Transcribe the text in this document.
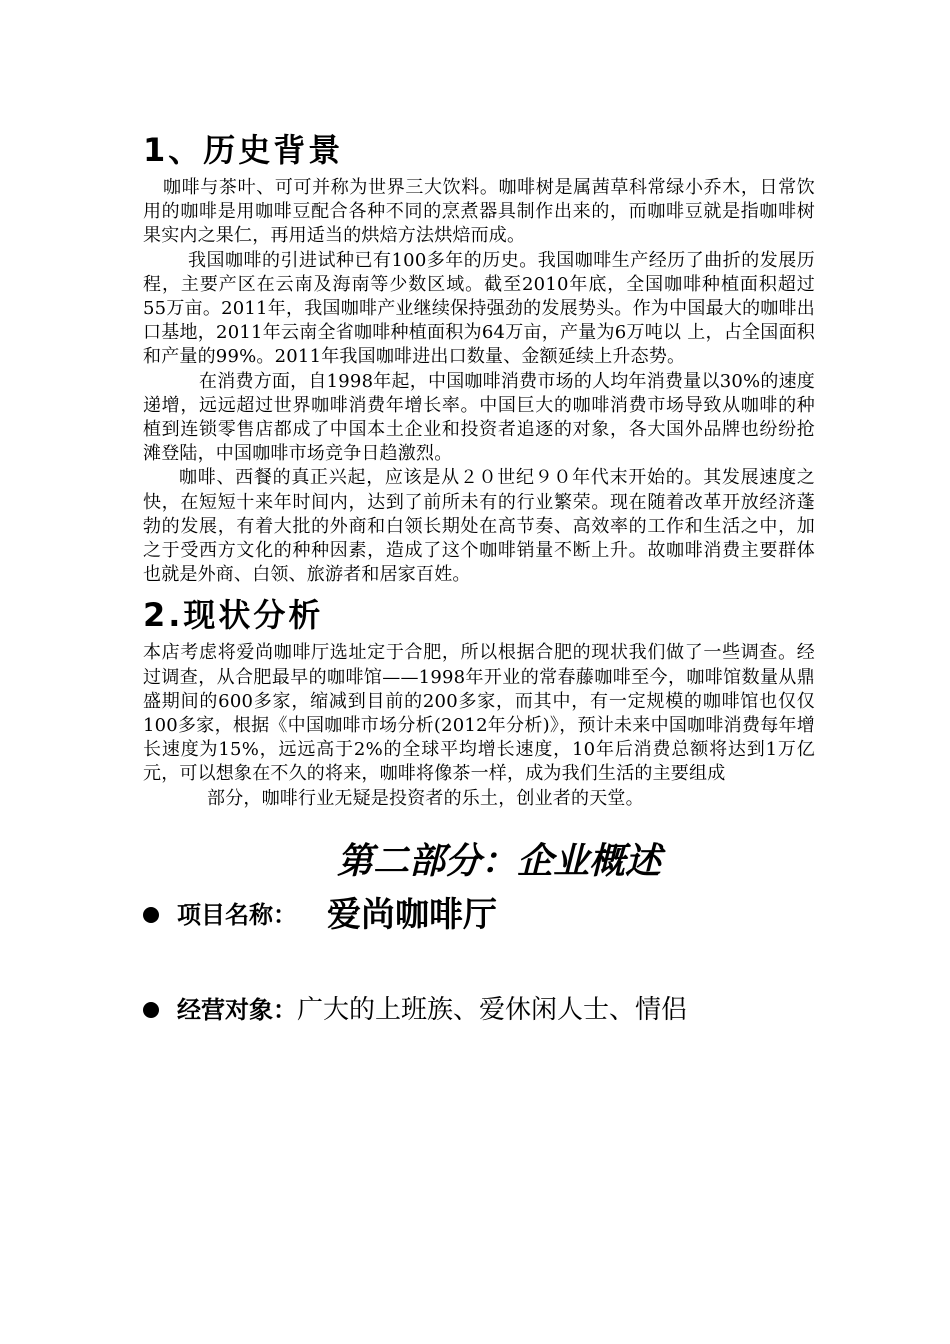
1、历史背景

咖啡与茶叶、可可并称为世界三大饮料。咖啡树是属茜草科常绿小乔木，日常饮用的咖啡是用咖啡豆配合各种不同的烹煮器具制作出来的，而咖啡豆就是指咖啡树果实内之果仁，再用适当的烘焙方法烘焙而成。

我国咖啡的引进试种已有100多年的历史。我国咖啡生产经历了曲折的发展历程，主要产区在云南及海南等少数区域。截至2010年底，全国咖啡种植面积超过 55万亩。2011年，我国咖啡产业继续保持强劲的发展势头。作为中国最大的咖啡出口基地，2011年云南全省咖啡种植面积为64万亩，产量为6万吨以 上，占全国面积和产量的99%。2011年我国咖啡进出口数量、金额延续上升态势。

在消费方面，自1998年起，中国咖啡消费市场的人均年消费量以30%的速度递增，远远超过世界咖啡消费年增长率。中国巨大的咖啡消费市场导致从咖啡的种 植到连锁零售店都成了中国本土企业和投资者追逐的对象，各大国外品牌也纷纷抢滩登陆，中国咖啡市场竞争日趋激烈。

咖啡、西餐的真正兴起，应该是从２０世纪９０年代末开始的。其发展速度之快，在短短十来年时间内，达到了前所未有的行业繁荣。现在随着改革开放经济蓬勃的发展，有着大批的外商和白领长期处在高节奏、高效率的工作和生活之中，加之于受西方文化的种种因素，造成了这个咖啡销量不断上升。故咖啡消费主要群体也就是外商、白领、旅游者和居家百姓。

2.现状分析

本店考虑将爱尚咖啡厅选址定于合肥，所以根据合肥的现状我们做了一些调查。经过调查，从合肥最早的咖啡馆——1998年开业的常春藤咖啡至今，咖啡馆数量从鼎盛期间的600多家，缩减到目前的200多家，而其中，有一定规模的咖啡馆也仅仅100多家，根据《中国咖啡市场分析(2012年分析)》，预计未来中国咖啡消费每年增长速度为15%，远远高于2%的全球平均增长速度，10年后消费总额将达到1万亿元，可以想象在不久的将来，咖啡将像茶一样，成为我们生活的主要组成
部分，咖啡行业无疑是投资者的乐土，创业者的天堂。

第二部分：企业概述
项目名称： 爱尚咖啡厅
经营对象： 广大的上班族、爱休闲人士、情侣
